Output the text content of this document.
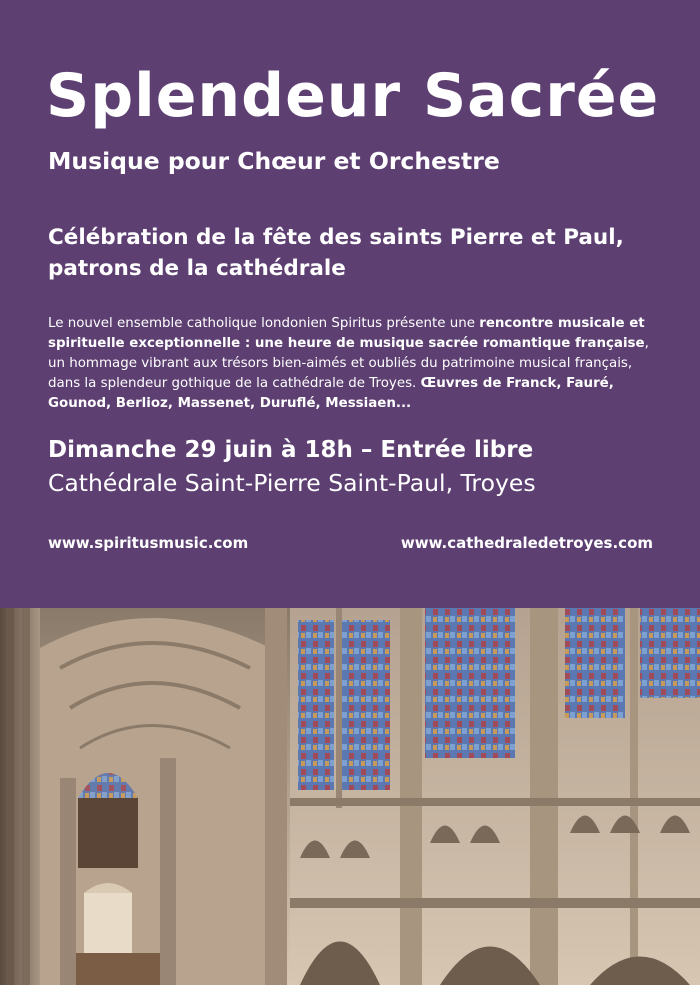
Splendeur Sacrée
Musique pour Chœur et Orchestre
Célébration de la fête des saints Pierre et Paul, patrons de la cathédrale

Le nouvel ensemble catholique londonien Spiritus présente une rencontre musicale et spirituelle exceptionnelle : une heure de musique sacrée romantique française, un hommage vibrant aux trésors bien-aimés et oubliés du patrimoine musical français, dans la splendeur gothique de la cathédrale de Troyes. Œuvres de Franck, Fauré, Gounod, Berlioz, Massenet, Duruflé, Messiaen...

Dimanche 29 juin à 18h – Entrée libre
Cathédrale Saint-Pierre Saint-Paul, Troyes
www.spiritusmusic.com	www.cathedraledetroyes.com
